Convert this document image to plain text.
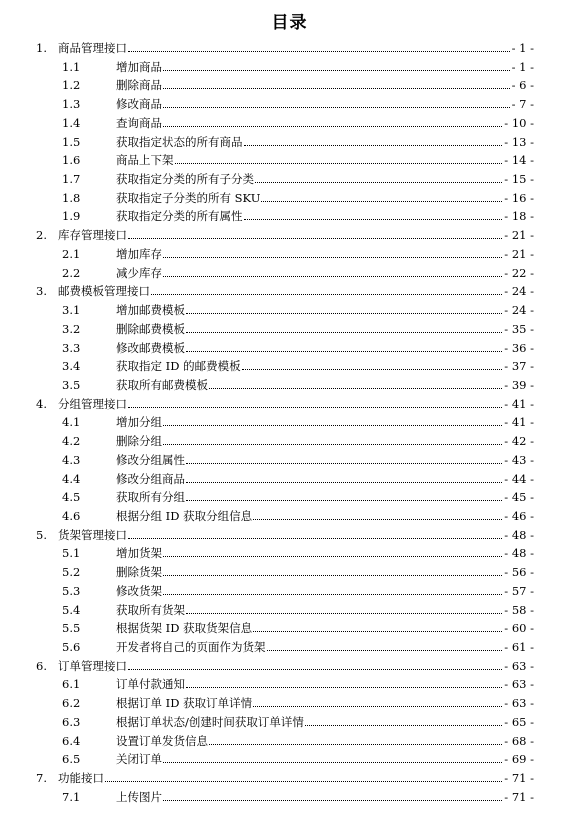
目录
1. 商品管理接口	- 1 -
1.1	增加商品	- 1 -
1.2	删除商品	- 6 -
1.3	修改商品	- 7 -
1.4	查询商品	- 10 -
1.5	获取指定状态的所有商品	- 13 -
1.6	商品上下架	- 14 -
1.7	获取指定分类的所有子分类	- 15 -
1.8	获取指定子分类的所有 SKU	- 16 -
1.9	获取指定分类的所有属性	- 18 -
2. 库存管理接口	- 21 -
2.1	增加库存	- 21 -
2.2	减少库存	- 22 -
3. 邮费模板管理接口	- 24 -
3.1	增加邮费模板	- 24 -
3.2	删除邮费模板	- 35 -
3.3	修改邮费模板	- 36 -
3.4	获取指定 ID 的邮费模板	- 37 -
3.5	获取所有邮费模板	- 39 -
4. 分组管理接口	- 41 -
4.1	增加分组	- 41 -
4.2	删除分组	- 42 -
4.3	修改分组属性	- 43 -
4.4	修改分组商品	- 44 -
4.5	获取所有分组	- 45 -
4.6	根据分组 ID 获取分组信息	- 46 -
5. 货架管理接口	- 48 -
5.1	增加货架	- 48 -
5.2	删除货架	- 56 -
5.3	修改货架	- 57 -
5.4	获取所有货架	- 58 -
5.5	根据货架 ID 获取货架信息	- 60 -
5.6	开发者将自己的页面作为货架	- 61 -
6. 订单管理接口	- 63 -
6.1	订单付款通知	- 63 -
6.2	根据订单 ID 获取订单详情	- 63 -
6.3	根据订单状态/创建时间获取订单详情	- 65 -
6.4	设置订单发货信息	- 68 -
6.5	关闭订单	- 69 -
7. 功能接口	- 71 -
7.1	上传图片	- 71 -
